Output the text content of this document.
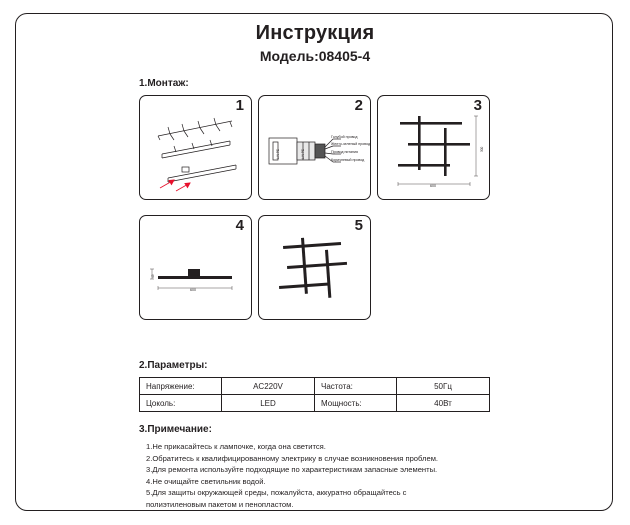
Инструкция
Модель:08405-4
1.Монтаж:
1	2
Голубой провод
Желто-зеленый провод
Провод питания
Коричневый провод
L N PE	L N PE
3
600
300
4
600
45
5
2.Параметры:
Напряжение:	AC220V	Частота:	50Гц
Цоколь:	LED	Мощность:	40Вт
3.Примечание:
1.Не прикасайтесь к лампочке, когда она светится.
2.Обратитесь к квалифицированному электрику в случае возникновения проблем.
3.Для ремонта используйте подходящие по характеристикам запасные элементы.
4.Не очищайте светильник водой.
5.Для защиты окружающей среды, пожалуйста, аккуратно обращайтесь с
полиэтиленовым пакетом и пенопластом.
